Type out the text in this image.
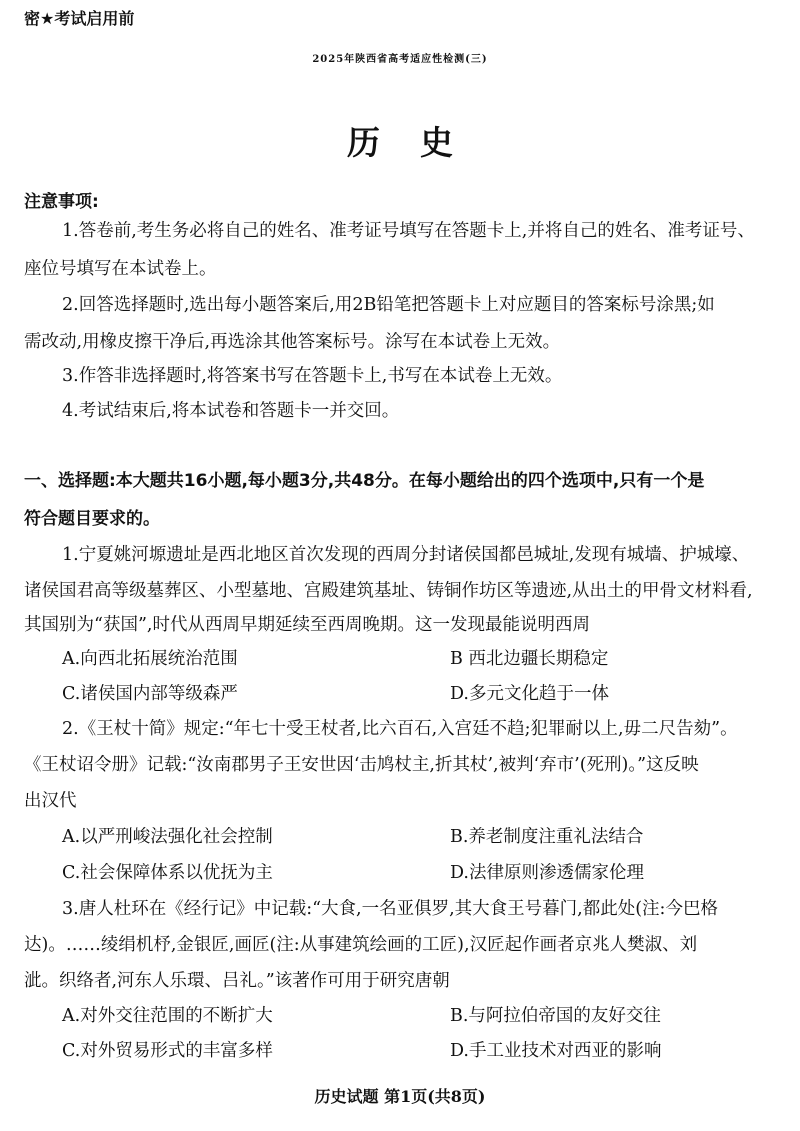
密★考试启用前
2025年陕西省高考适应性检测(三)
历史
注意事项:
1.答卷前,考生务必将自己的姓名、准考证号填写在答题卡上,并将自己的姓名、准考证号、
座位号填写在本试卷上。
2.回答选择题时,选出每小题答案后,用2B铅笔把答题卡上对应题目的答案标号涂黑;如
需改动,用橡皮擦干净后,再选涂其他答案标号。涂写在本试卷上无效。
3.作答非选择题时,将答案书写在答题卡上,书写在本试卷上无效。
4.考试结束后,将本试卷和答题卡一并交回。
一、选择题:本大题共16小题,每小题3分,共48分。在每小题给出的四个选项中,只有一个是
符合题目要求的。
1.宁夏姚河塬遗址是西北地区首次发现的西周分封诸侯国都邑城址,发现有城墙、护城壕、
诸侯国君高等级墓葬区、小型墓地、宫殿建筑基址、铸铜作坊区等遗迹,从出土的甲骨文材料看,
其国别为“获国”,时代从西周早期延续至西周晚期。这一发现最能说明西周
A.向西北拓展统治范围	B 西北边疆长期稳定
C.诸侯国内部等级森严	D.多元文化趋于一体
2.《王杖十简》规定:“年七十受王杖者,比六百石,入宫廷不趋;犯罪耐以上,毋二尺告劾”。
《王杖诏令册》记载:“汝南郡男子王安世因‘击鸠杖主,折其杖’,被判‘弃市’(死刑)。”这反映
出汉代
A.以严刑峻法强化社会控制	B.养老制度注重礼法结合
C.社会保障体系以优抚为主	D.法律原则渗透儒家伦理
3.唐人杜环在《经行记》中记载:“大食,一名亚俱罗,其大食王号暮门,都此处(注:今巴格
达)。……绫绢机杼,金银匠,画匠(注:从事建筑绘画的工匠),汉匠起作画者京兆人樊淑、刘
泚。织络者,河东人乐環、吕礼。”该著作可用于研究唐朝
A.对外交往范围的不断扩大	B.与阿拉伯帝国的友好交往
C.对外贸易形式的丰富多样	D.手工业技术对西亚的影响
历史试题 第1页(共8页)
